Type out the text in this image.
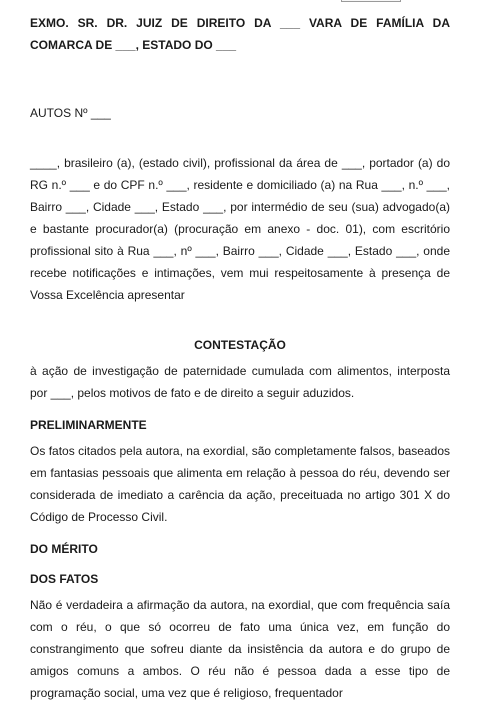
EXMO. SR. DR. JUIZ DE DIREITO DA ___ VARA DE FAMÍLIA DA COMARCA DE ___, ESTADO DO ___

AUTOS Nº ___

____, brasileiro (a), (estado civil), profissional da área de ___, portador (a) do RG n.º ___ e do CPF n.º ___, residente e domiciliado (a) na Rua ___, n.º ___, Bairro ___, Cidade ___, Estado ___, por intermédio de seu (sua) advogado(a) e bastante procurador(a) (procuração em anexo - doc. 01), com escritório profissional sito à Rua ___, nº ___, Bairro ___, Cidade ___, Estado ___, onde recebe notificações e intimações, vem mui respeitosamente à presença de Vossa Excelência apresentar

CONTESTAÇÃO

à ação de investigação de paternidade cumulada com alimentos, interposta por ___, pelos motivos de fato e de direito a seguir aduzidos.

PRELIMINARMENTE

Os fatos citados pela autora, na exordial, são completamente falsos, baseados em fantasias pessoais que alimenta em relação à pessoa do réu, devendo ser considerada de imediato a carência da ação, preceituada no artigo 301 X do Código de Processo Civil.

DO MÉRITO

DOS FATOS

Não é verdadeira a afirmação da autora, na exordial, que com frequência saía com o réu, o que só ocorreu de fato uma única vez, em função do constrangimento que sofreu diante da insistência da autora e do grupo de amigos comuns a ambos. O réu não é pessoa dada a esse tipo de programação social, uma vez que é religioso, frequentador
